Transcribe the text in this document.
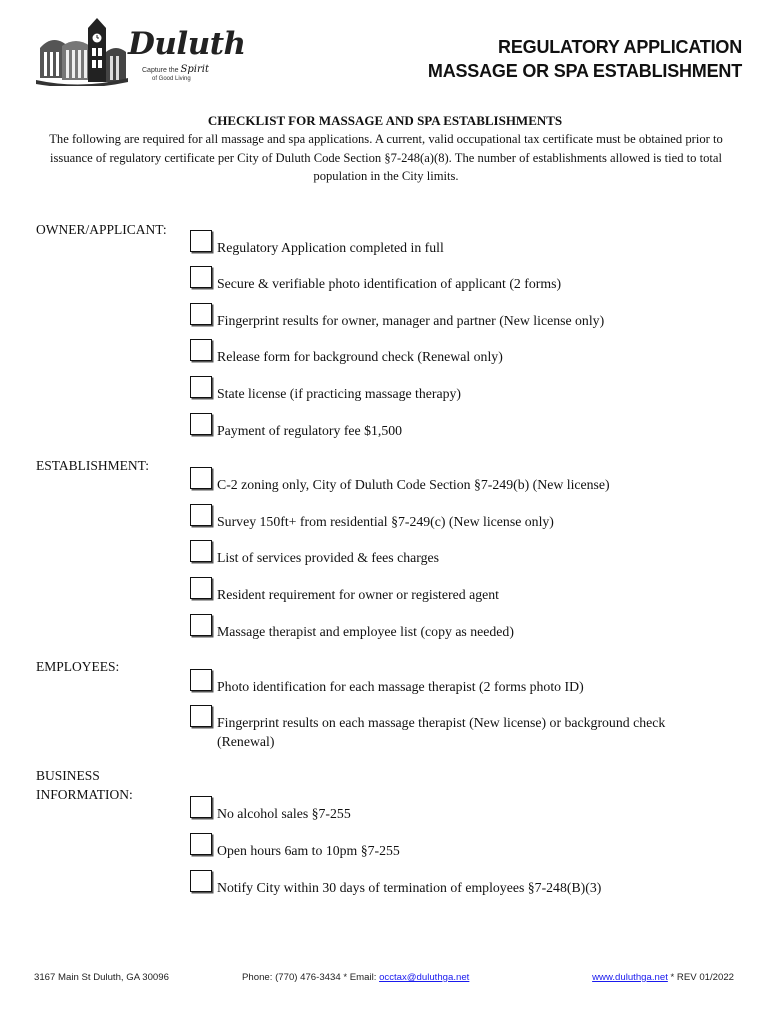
Duluth
Capture the Spirit
of Good Living
REGULATORY APPLICATION
MASSAGE OR SPA ESTABLISHMENT
CHECKLIST FOR MASSAGE AND SPA ESTABLISHMENTS
The following are required for all massage and spa applications. A current, valid occupational tax certificate must be obtained prior to issuance of regulatory certificate per City of Duluth Code Section §7-248(a)(8). The number of establishments allowed is tied to total population in the City limits.
OWNER/APPLICANT:
Regulatory Application completed in full
Secure & verifiable photo identification of applicant (2 forms)
Fingerprint results for owner, manager and partner (New license only)
Release form for background check (Renewal only)
State license (if practicing massage therapy)
Payment of regulatory fee $1,500
ESTABLISHMENT:
C-2 zoning only, City of Duluth Code Section §7-249(b) (New license)
Survey 150ft+ from residential §7-249(c) (New license only)
List of services provided & fees charges
Resident requirement for owner or registered agent
Massage therapist and employee list (copy as needed)
EMPLOYEES:
Photo identification for each massage therapist (2 forms photo ID)
Fingerprint results on each massage therapist (New license) or background check (Renewal)
BUSINESS
INFORMATION:
No alcohol sales §7-255
Open hours 6am to 10pm §7-255
Notify City within 30 days of termination of employees §7-248(B)(3)
3167 Main St Duluth, GA 30096	Phone: (770) 476-3434 * Email: occtax@duluthga.net	www.duluthga.net * REV 01/2022
